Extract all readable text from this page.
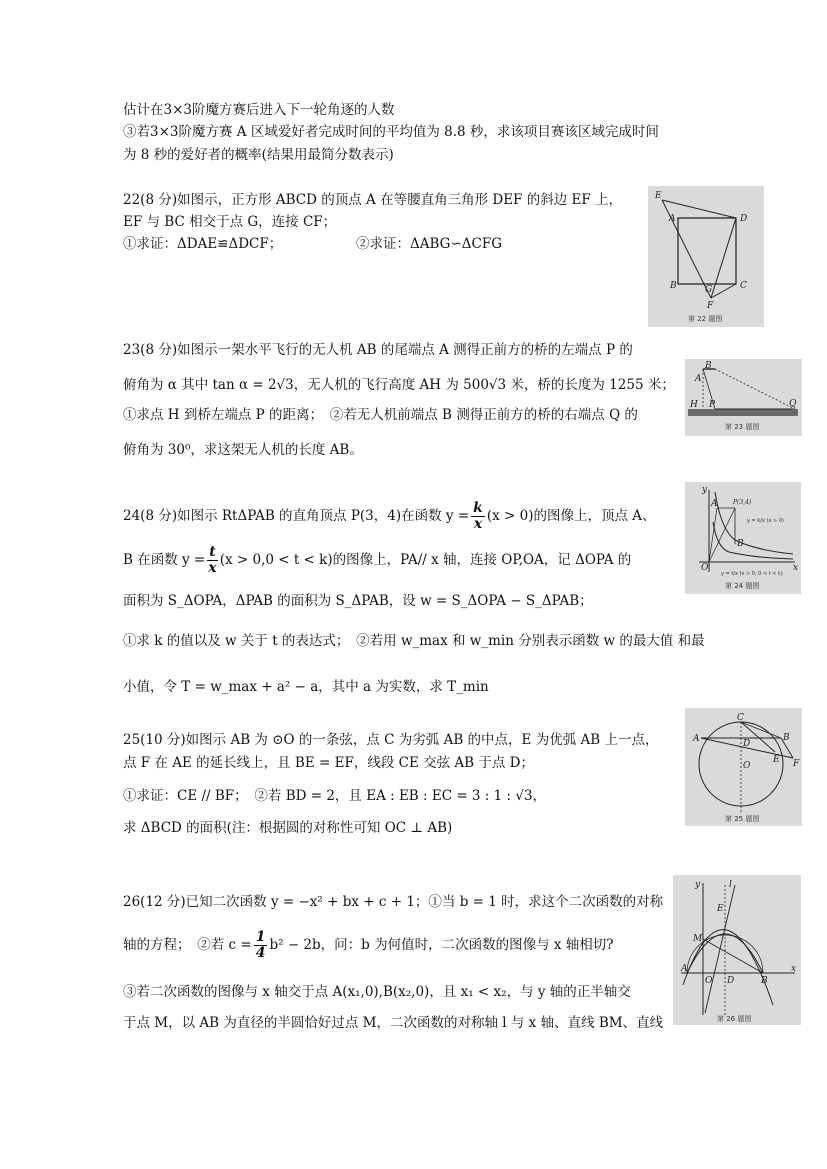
估计在3×3阶魔方赛后进入下一轮角逐的人数
③若3×3阶魔方赛 A 区域爱好者完成时间的平均值为 8.8 秒，求该项目赛该区域完成时间
为 8 秒的爱好者的概率(结果用最简分数表示)
22(8 分)如图示，正方形 ABCD 的顶点 A 在等腰直角三角形 DEF 的斜边 EF 上，
EF 与 BC 相交于点 G，连接 CF；
①求证：ΔDAE≌ΔDCF；	②求证：ΔABG∽ΔCFG
E
A	D
B	G	C
F
第 22 题图
23(8 分)如图示一架水平飞行的无人机 AB 的尾端点 A 测得正前方的桥的左端点 P 的
俯角为 α 其中 tan α = 2√3，无人机的飞行高度 AH 为 500√3 米，桥的长度为 1255 米；
①求点 H 到桥左端点 P 的距离；　②若无人机前端点 B 测得正前方的桥的右端点 Q 的
俯角为 30⁰，求这架无人机的长度 AB。
B
A
H P	Q
第 23 题图
24(8 分)如图示 RtΔPAB 的直角顶点 P(3，4)在函数 $y = \frac{k}{x} (x > 0)$的图像上，顶点 A、
B 在函数 $y = \frac{t}{x} (x > 0,0 < t < k)$的图像上，PA// x 轴，连接 OP,OA，记 ΔOPA 的
面积为 S_ΔOPA，ΔPAB 的面积为 S_ΔPAB，设 w = S_ΔOPA − S_ΔPAB；
①求 k 的值以及 w 关于 t 的表达式；　②若用 w_max 和 w_min 分别表示函数 w 的最大值 和最
小值，令 T = w_max + a² − a，其中 a 为实数，求 T_min
y
P(3,4)
B
A
O	x
y = k/x (x > 0)
y = t/x (x > 0, 0 < t < k)
第 24 题图
25(10 分)如图示 AB 为 ⊙O 的一条弦，点 C 为劣弧 AB 的中点，E 为优弧 AB 上一点，
点 F 在 AE 的延长线上，且 BE = EF，线段 CE 交弦 AB 于点 D；
①求证：CE // BF；　②若 BD = 2，且 EA : EB : EC = 3 : 1 : √3，
求 ΔBCD 的面积(注：根据圆的对称性可知 OC ⊥ AB)
C
A	D
B
O
E F
第 25 题图
26(12 分)已知二次函数 y = −x² + bx + c + 1；①当 b = 1 时，求这个二次函数的对称
轴的方程；　②若 $c = \frac{1}{4} b^2 - 2b$，问：b 为何值时，二次函数的图像与 x 轴相切?
③若二次函数的图像与 x 轴交于点 A(x₁,0),B(x₂,0)，且 x₁ < x₂，与 y 轴的正半轴交
于点 M，以 AB 为直径的半圆恰好过点 M，二次函数的对称轴 l 与 x 轴、直线 BM、直线
y	l
E
M
A
O D	B
x
第 26 题图
